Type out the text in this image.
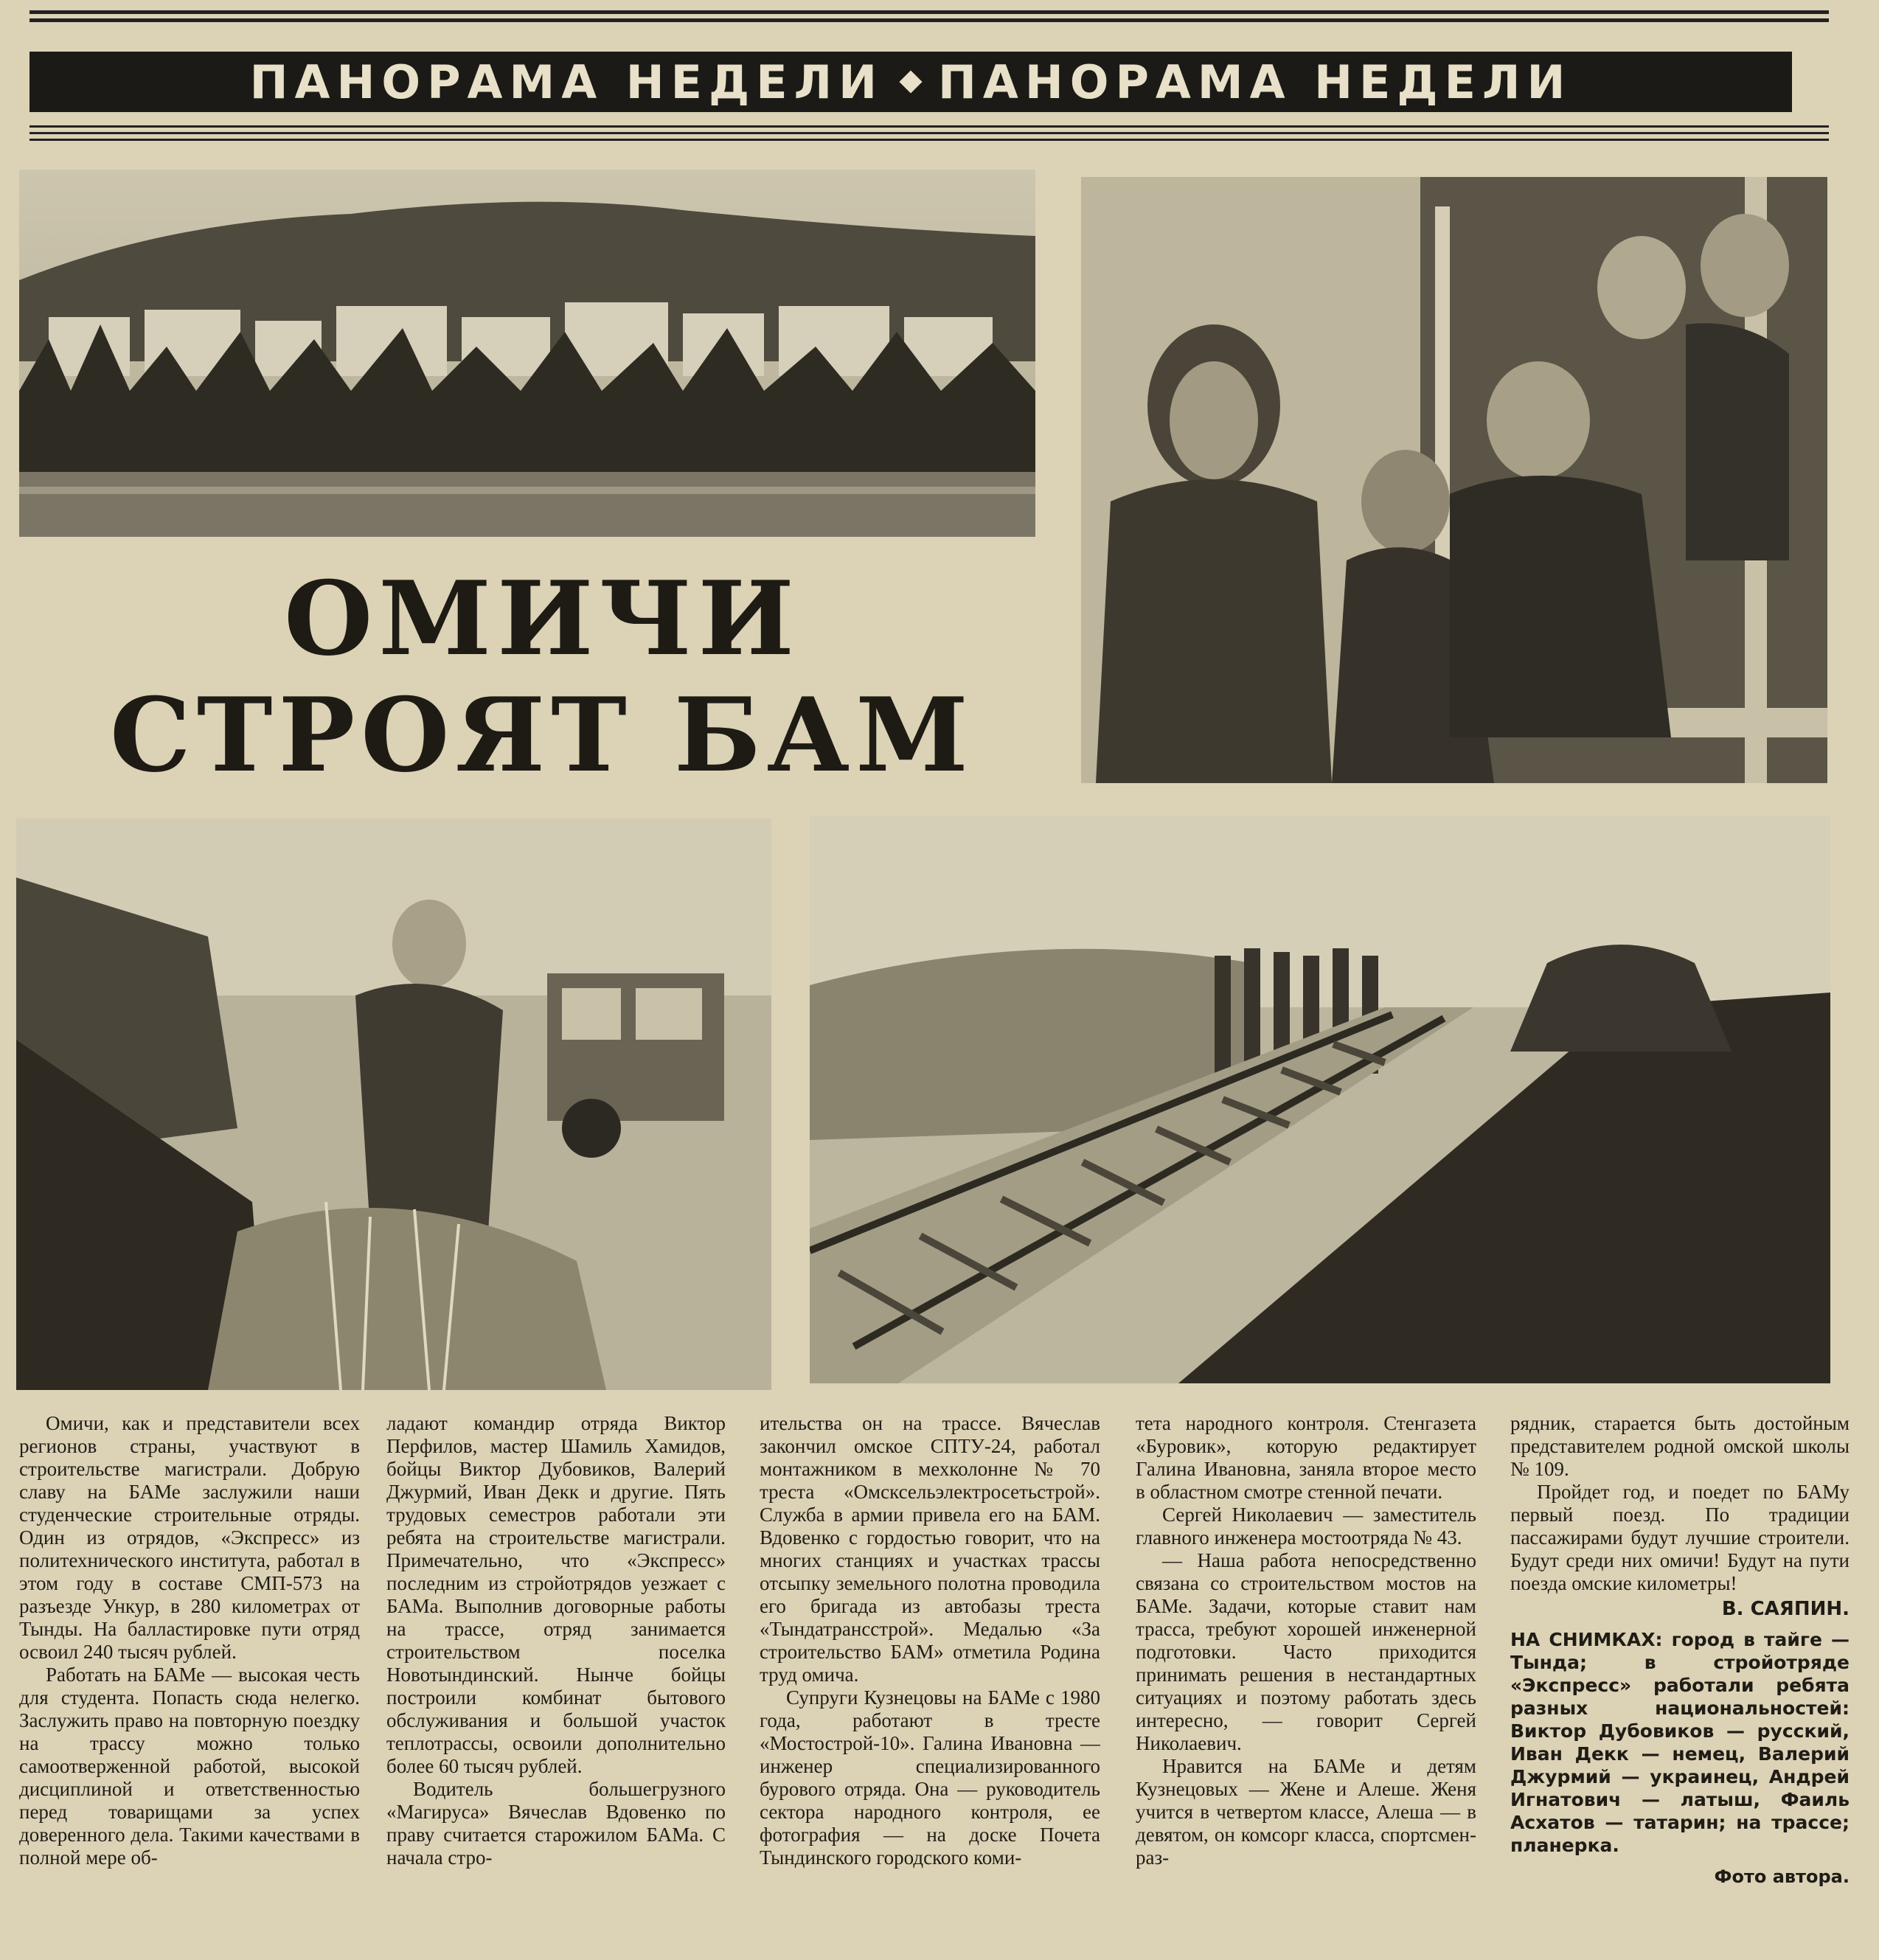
ПАНОРАМА НЕДЕЛИ ПАНОРАМА НЕДЕЛИ
ОМИЧИ
СТРОЯТ БАМ

Омичи, как и представители всех регионов страны, участвуют в строительстве магистрали. Добрую славу на БАМе заслужили наши студенческие строительные отряды. Один из отрядов, «Экспресс» из политехнического института, работал в этом году в составе СМП-573 на разъезде Ункур, в 280 километрах от Тынды. На балластировке пути отряд освоил 240 тысяч рублей.

Работать на БАМе — высокая честь для студента. Попасть сюда нелегко. Заслужить право на повторную поездку на трассу можно только самоотверженной работой, высокой дисциплиной и ответственностью перед товарищами за успех доверенного дела. Такими качествами в полной мере об-

ладают командир отряда Виктор Перфилов, мастер Шамиль Хамидов, бойцы Виктор Дубовиков, Валерий Джурмий, Иван Декк и другие. Пять трудовых семестров работали эти ребята на строительстве магистрали. Примечательно, что «Экспресс» последним из стройотрядов уезжает с БАМа. Выполнив договорные работы на трассе, отряд занимается строительством поселка Новотындинский. Нынче бойцы построили комбинат бытового обслуживания и большой участок теплотрассы, освоили дополнительно более 60 тысяч рублей.

Водитель большегрузного «Магируса» Вячеслав Вдовенко по праву считается старожилом БАМа. С начала стро-

ительства он на трассе. Вячеслав закончил омское СПТУ-24, работал монтажником в мехколонне № 70 треста «Омсксельэлектросетьстрой». Служба в армии привела его на БАМ. Вдовенко с гордостью говорит, что на многих станциях и участках трассы отсыпку земельного полотна проводила его бригада из автобазы треста «Тындатрансстрой». Медалью «За строительство БАМ» отметила Родина труд омича.

Супруги Кузнецовы на БАМе с 1980 года, работают в тресте «Мостострой-10». Галина Ивановна — инженер специализированного бурового отряда. Она — руководитель сектора народного контроля, ее фотография — на доске Почета Тындинского городского коми-

тета народного контроля. Стенгазета «Буровик», которую редактирует Галина Ивановна, заняла второе место в областном смотре стенной печати.

Сергей Николаевич — заместитель главного инженера мостоотряда № 43.

— Наша работа непосредственно связана со строительством мостов на БАМе. Задачи, которые ставит нам трасса, требуют хорошей инженерной подготовки. Часто приходится принимать решения в нестандартных ситуациях и поэтому работать здесь интересно, — говорит Сергей Николаевич.

Нравится на БАМе и детям Кузнецовых — Жене и Алеше. Женя учится в четвертом классе, Алеша — в девятом, он комсорг класса, спортсмен-раз-

рядник, старается быть достойным представителем родной омской школы № 109.

Пройдет год, и поедет по БАМу первый поезд. По традиции пассажирами будут лучшие строители. Будут среди них омичи! Будут на пути поезда омские километры!

В. САЯПИН.
НА СНИМКАХ: город в тайге — Тында; в стройотряде «Экспресс» работали ребята разных национальностей: Виктор Дубовиков — русский, Иван Декк — немец, Валерий Джурмий — украинец, Андрей Игнатович — латыш, Фаиль Асхатов — татарин; на трассе; планерка.
Фото автора.
